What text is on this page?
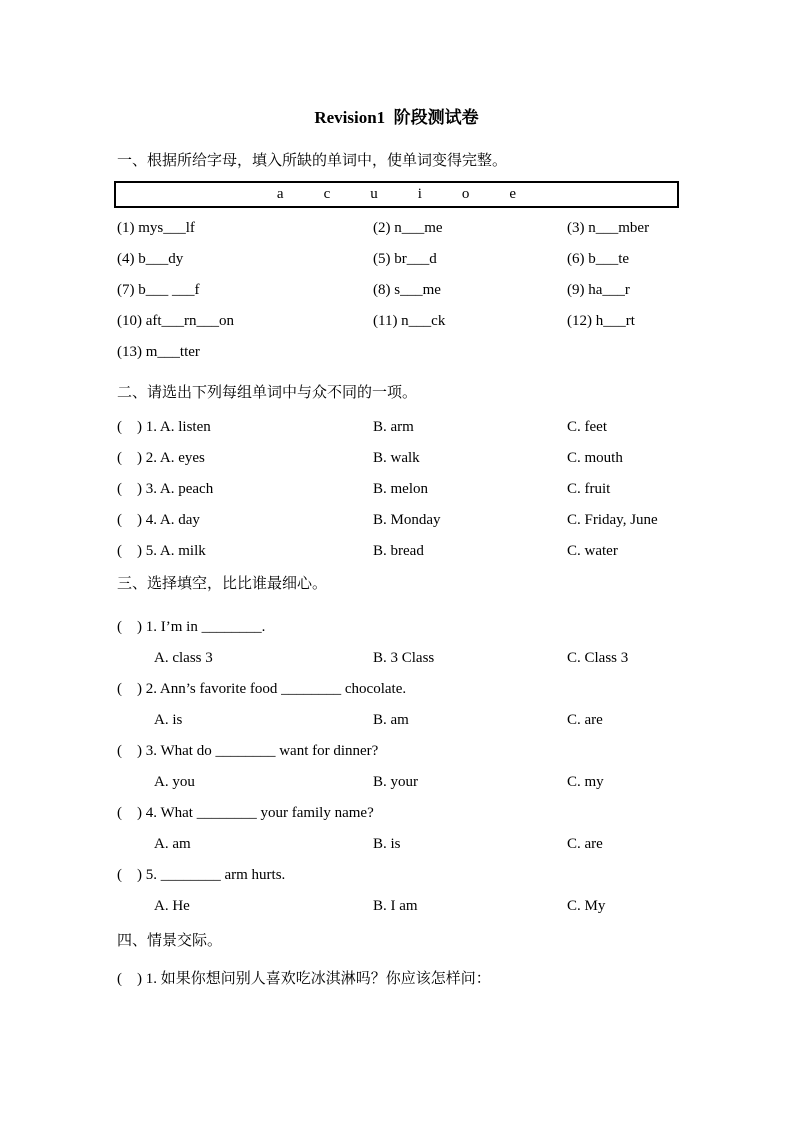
Revision1  阶段测试卷
一、根据所给字母，填入所缺的单词中，使单词变得完整。
a	c	u	i	o	e
(1) mys___lf	(2) n___me	(3) n___mber
(4) b___dy	(5) br___d	(6) b___te
(7) b___ ___f	(8) s___me	(9) ha___r
(10) aft___rn___on	(11) n___ck	(12) h___rt
(13) m___tter
二、请选出下列每组单词中与众不同的一项。
(    ) 1. A. listen	B. arm	C. feet
(    ) 2. A. eyes	B. walk	C. mouth
(    ) 3. A. peach	B. melon	C. fruit
(    ) 4. A. day	B. Monday	C. Friday, June
(    ) 5. A. milk	B. bread	C. water
三、选择填空，比比谁最细心。
(    ) 1. I’m in ________.
A. class 3	B. 3 Class	C. Class 3
(    ) 2. Ann’s favorite food ________ chocolate.
A. is	B. am	C. are
(    ) 3. What do ________ want for dinner?
A. you	B. your	C. my
(    ) 4. What ________ your family name?
A. am	B. is	C. are
(    ) 5. ________ arm hurts.
A. He	B. I am	C. My
四、情景交际。
(    ) 1. 如果你想问别人喜欢吃冰淇淋吗？你应该怎样问：
